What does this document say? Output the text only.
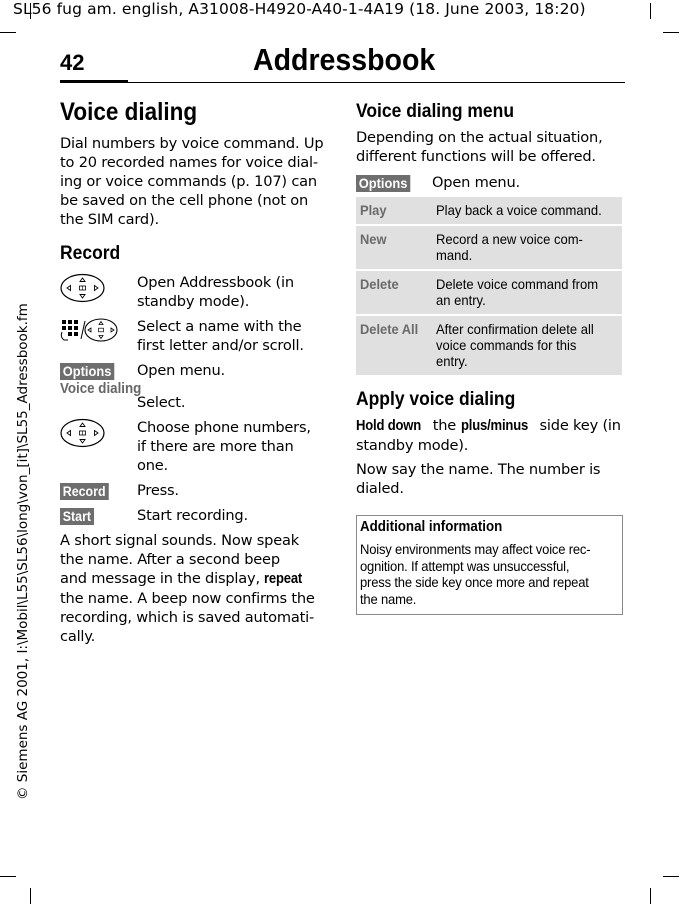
SL56 fug am. english, A31008-H4920-A40-1-4A19 (18. June 2003, 18:20)
© Siemens AG 2001, I:\Mobil\L55\SL56\long\von_[it]\SL55_Adressbook.fm
42	Addressbook
Voice dialing
Dial numbers by voice command. Up
to 20 recorded names for voice dial-
ing or voice commands (p. 107) can
be saved on the cell phone (not on
the SIM card).
Record
Open Addressbook (in
standby mode).
Select a name with the
first letter and/or scroll.
Options	Open menu.
Voice dialing
Select.
Choose phone numbers,
if there are more than
one.
Record	Press.
Start	Start recording.
A short signal sounds. Now speak
the name. After a second beep
and message in the display, repeat
the name. A beep now confirms the
recording, which is saved automati-
cally.
Voice dialing menu
Depending on the actual situation,
different functions will be offered.
Options	Open menu.
Play	Play back a voice command.
New	Record a new voice com-
mand.
Delete	Delete voice command from
an entry.
Delete All	After confirmation delete all
voice commands for this
entry.
Apply voice dialing
Hold down the plus/minus side key (in
standby mode).
Now say the name. The number is
dialed.
Additional information
Noisy environments may affect voice rec-
ognition. If attempt was unsuccessful,
press the side key once more and repeat
the name.
